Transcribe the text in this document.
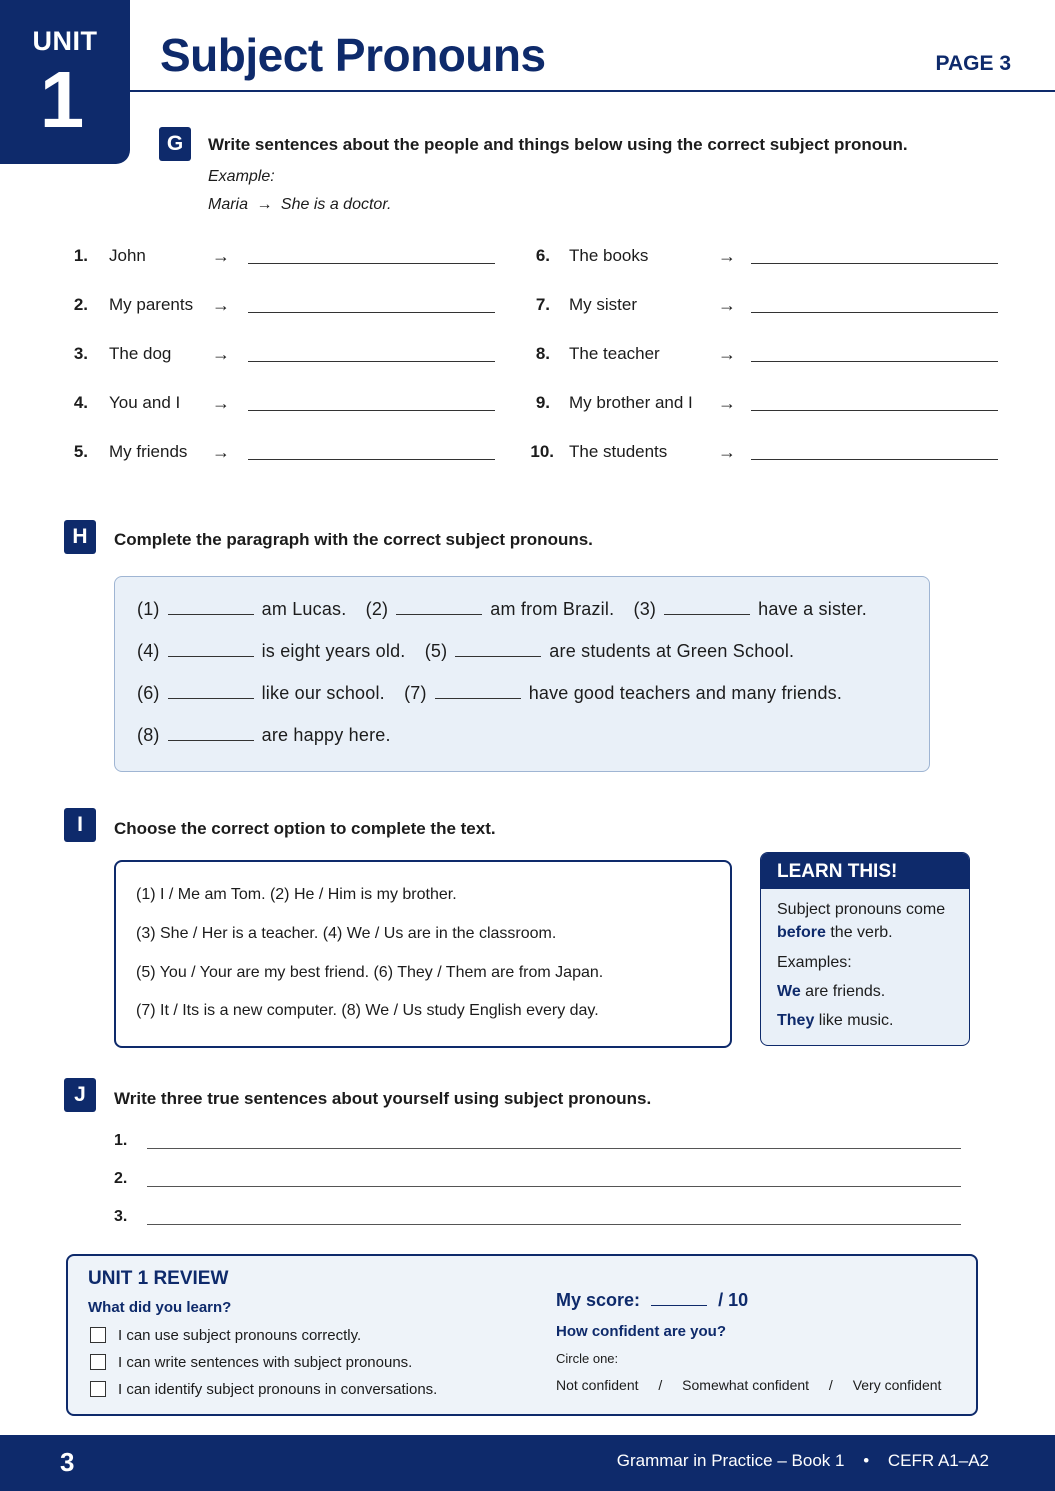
UNIT
1	Subject Pronouns	PAGE 3
G	Write sentences about the people and things below using the correct subject pronoun.
Example:
Maria → She is a doctor.
1. John	→
2. My parents →
3. The dog →
4. You and I →
5. My friends →
6. The books	→
7. My sister	→
8. The teacher	→
9. My brother and I →
10. The students	→
H	Complete the paragraph with the correct subject pronouns.
(1)	am Lucas. (2)	am from Brazil. (3)	have a sister.
(4)	is eight years old. (5)	are students at Green School.
(6)	like our school. (7)	have good teachers and many friends.
(8)	are happy here.
I	Choose the correct option to complete the text.
(1) I / Me am Tom. (2) He / Him is my brother.
(3) She / Her is a teacher. (4) We / Us are in the classroom.
(5) You / Your are my best friend. (6) They / Them are from Japan.
(7) It / Its is a new computer. (8) We / Us study English every day.
LEARN THIS!
Subject pronouns come
before the verb.
Examples:
We are friends.
They like music.
J	Write three true sentences about yourself using subject pronouns.
1.
2.
3.
UNIT 1 REVIEW
What did you learn?
I can use subject pronouns correctly.
I can write sentences with subject pronouns.
I can identify subject pronouns in conversations.
My score:	/ 10
How confident are you?
Circle one:
Not confident / Somewhat confident / Very confident
3	Grammar in Practice – Book 1 • CEFR A1–A2
